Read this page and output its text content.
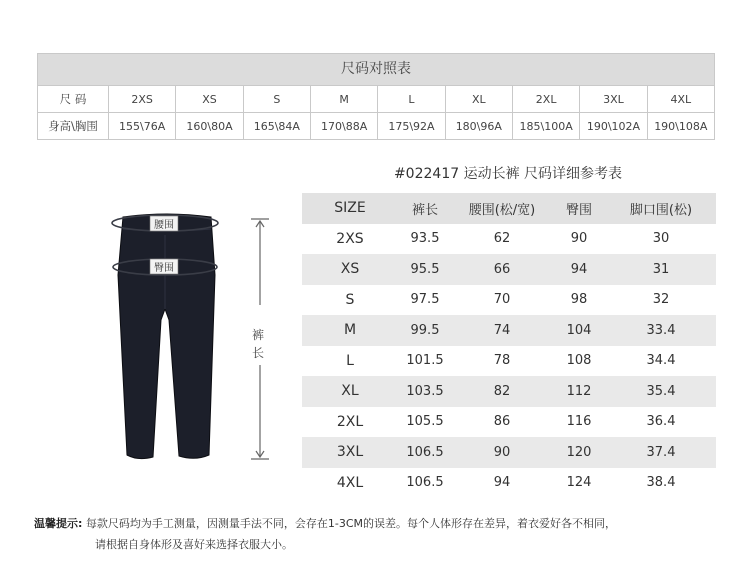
尺码对照表
尺 码	2XS	XS	S	M	L	XL	2XL	3XL	4XL
身高\胸围	155\76A	160\80A	165\84A	170\88A	175\92A	180\96A	185\100A	190\102A	190\108A
#022417 运动长裤 尺码详细参考表
SIZE	裤长	腰围(松/宽)	臀围	脚口围(松)
2XS	93.5	62	90	30
XS	95.5	66	94	31
S	97.5	70	98	32
M	99.5	74	104	33.4
L	101.5	78	108	34.4
XL	103.5	82	112	35.4
2XL	105.5	86	116	36.4
3XL	106.5	90	120	37.4
4XL	106.5	94	124	38.4
腰围
臀围
裤
长
温馨提示: 每款尺码均为手工测量，因测量手法不同，会存在1-3CM的误差。每个人体形存在差异，着衣爱好各不相同，
请根据自身体形及喜好来选择衣服大小。
